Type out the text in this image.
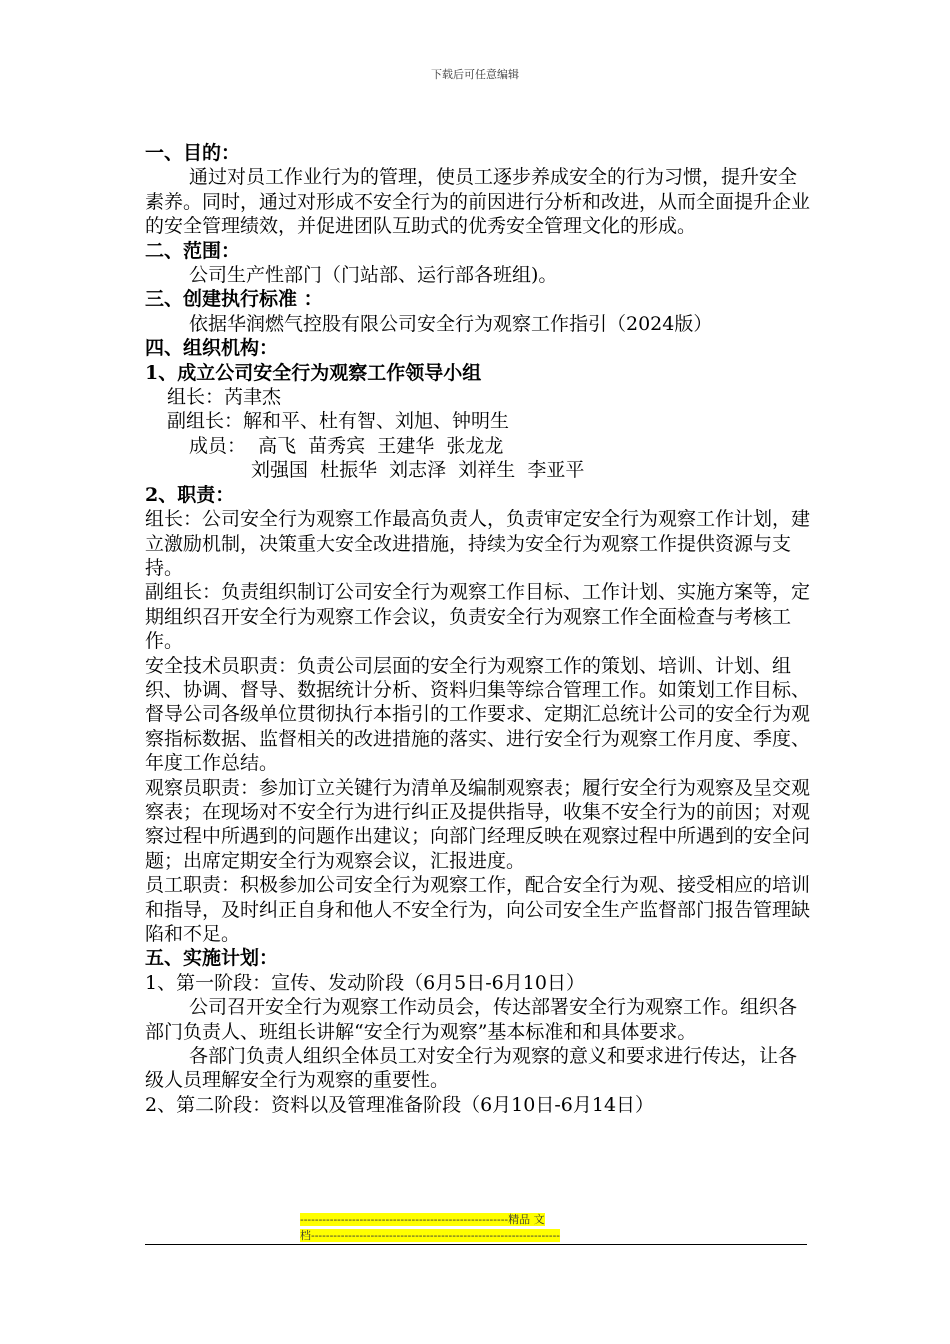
下载后可任意编辑

一、目的：

通过对员工作业行为的管理，使员工逐步养成安全的行为习惯，提升安全素养。同时，通过对形成不安全行为的前因进行分析和改进，从而全面提升企业的安全管理绩效，并促进团队互助式的优秀安全管理文化的形成。

二、范围：

公司生产性部门（门站部、运行部各班组)。

三、创建执行标准 ：

依据华润燃气控股有限公司安全行为观察工作指引（2024版）

四、组织机构：

1、成立公司安全行为观察工作领导小组

组长：芮聿杰

副组长：解和平、杜有智、刘旭、钟明生

成员：  高飞  苗秀宾  王建华  张龙龙

刘强国  杜振华  刘志泽  刘祥生  李亚平

2、职责：

组长：公司安全行为观察工作最高负责人，负责审定安全行为观察工作计划，建立激励机制，决策重大安全改进措施，持续为安全行为观察工作提供资源与支持。

副组长：负责组织制订公司安全行为观察工作目标、工作计划、实施方案等，定期组织召开安全行为观察工作会议，负责安全行为观察工作全面检查与考核工作。

安全技术员职责：负责公司层面的安全行为观察工作的策划、培训、计划、组织、协调、督导、数据统计分析、资料归集等综合管理工作。如策划工作目标、督导公司各级单位贯彻执行本指引的工作要求、定期汇总统计公司的安全行为观察指标数据、监督相关的改进措施的落实、进行安全行为观察工作月度、季度、年度工作总结。

观察员职责：参加订立关键行为清单及编制观察表；履行安全行为观察及呈交观察表；在现场对不安全行为进行纠正及提供指导，收集不安全行为的前因；对观察过程中所遇到的问题作出建议；向部门经理反映在观察过程中所遇到的安全问题；出席定期安全行为观察会议，汇报进度。

员工职责：积极参加公司安全行为观察工作，配合安全行为观、接受相应的培训和指导，及时纠正自身和他人不安全行为，向公司安全生产监督部门报告管理缺陷和不足。

五、实施计划：

1、第一阶段：宣传、发动阶段（6月5日-6月10日）

公司召开安全行为观察工作动员会，传达部署安全行为观察工作。组织各部门负责人、班组长讲解“安全行为观察”基本标准和和具体要求。

各部门负责人组织全体员工对安全行为观察的意义和要求进行传达，让各级人员理解安全行为观察的重要性。

2、第二阶段：资料以及管理准备阶段（6月10日-6月14日）

--------------------------------------------------------精品 文
档-------------------------------------------------------------------
